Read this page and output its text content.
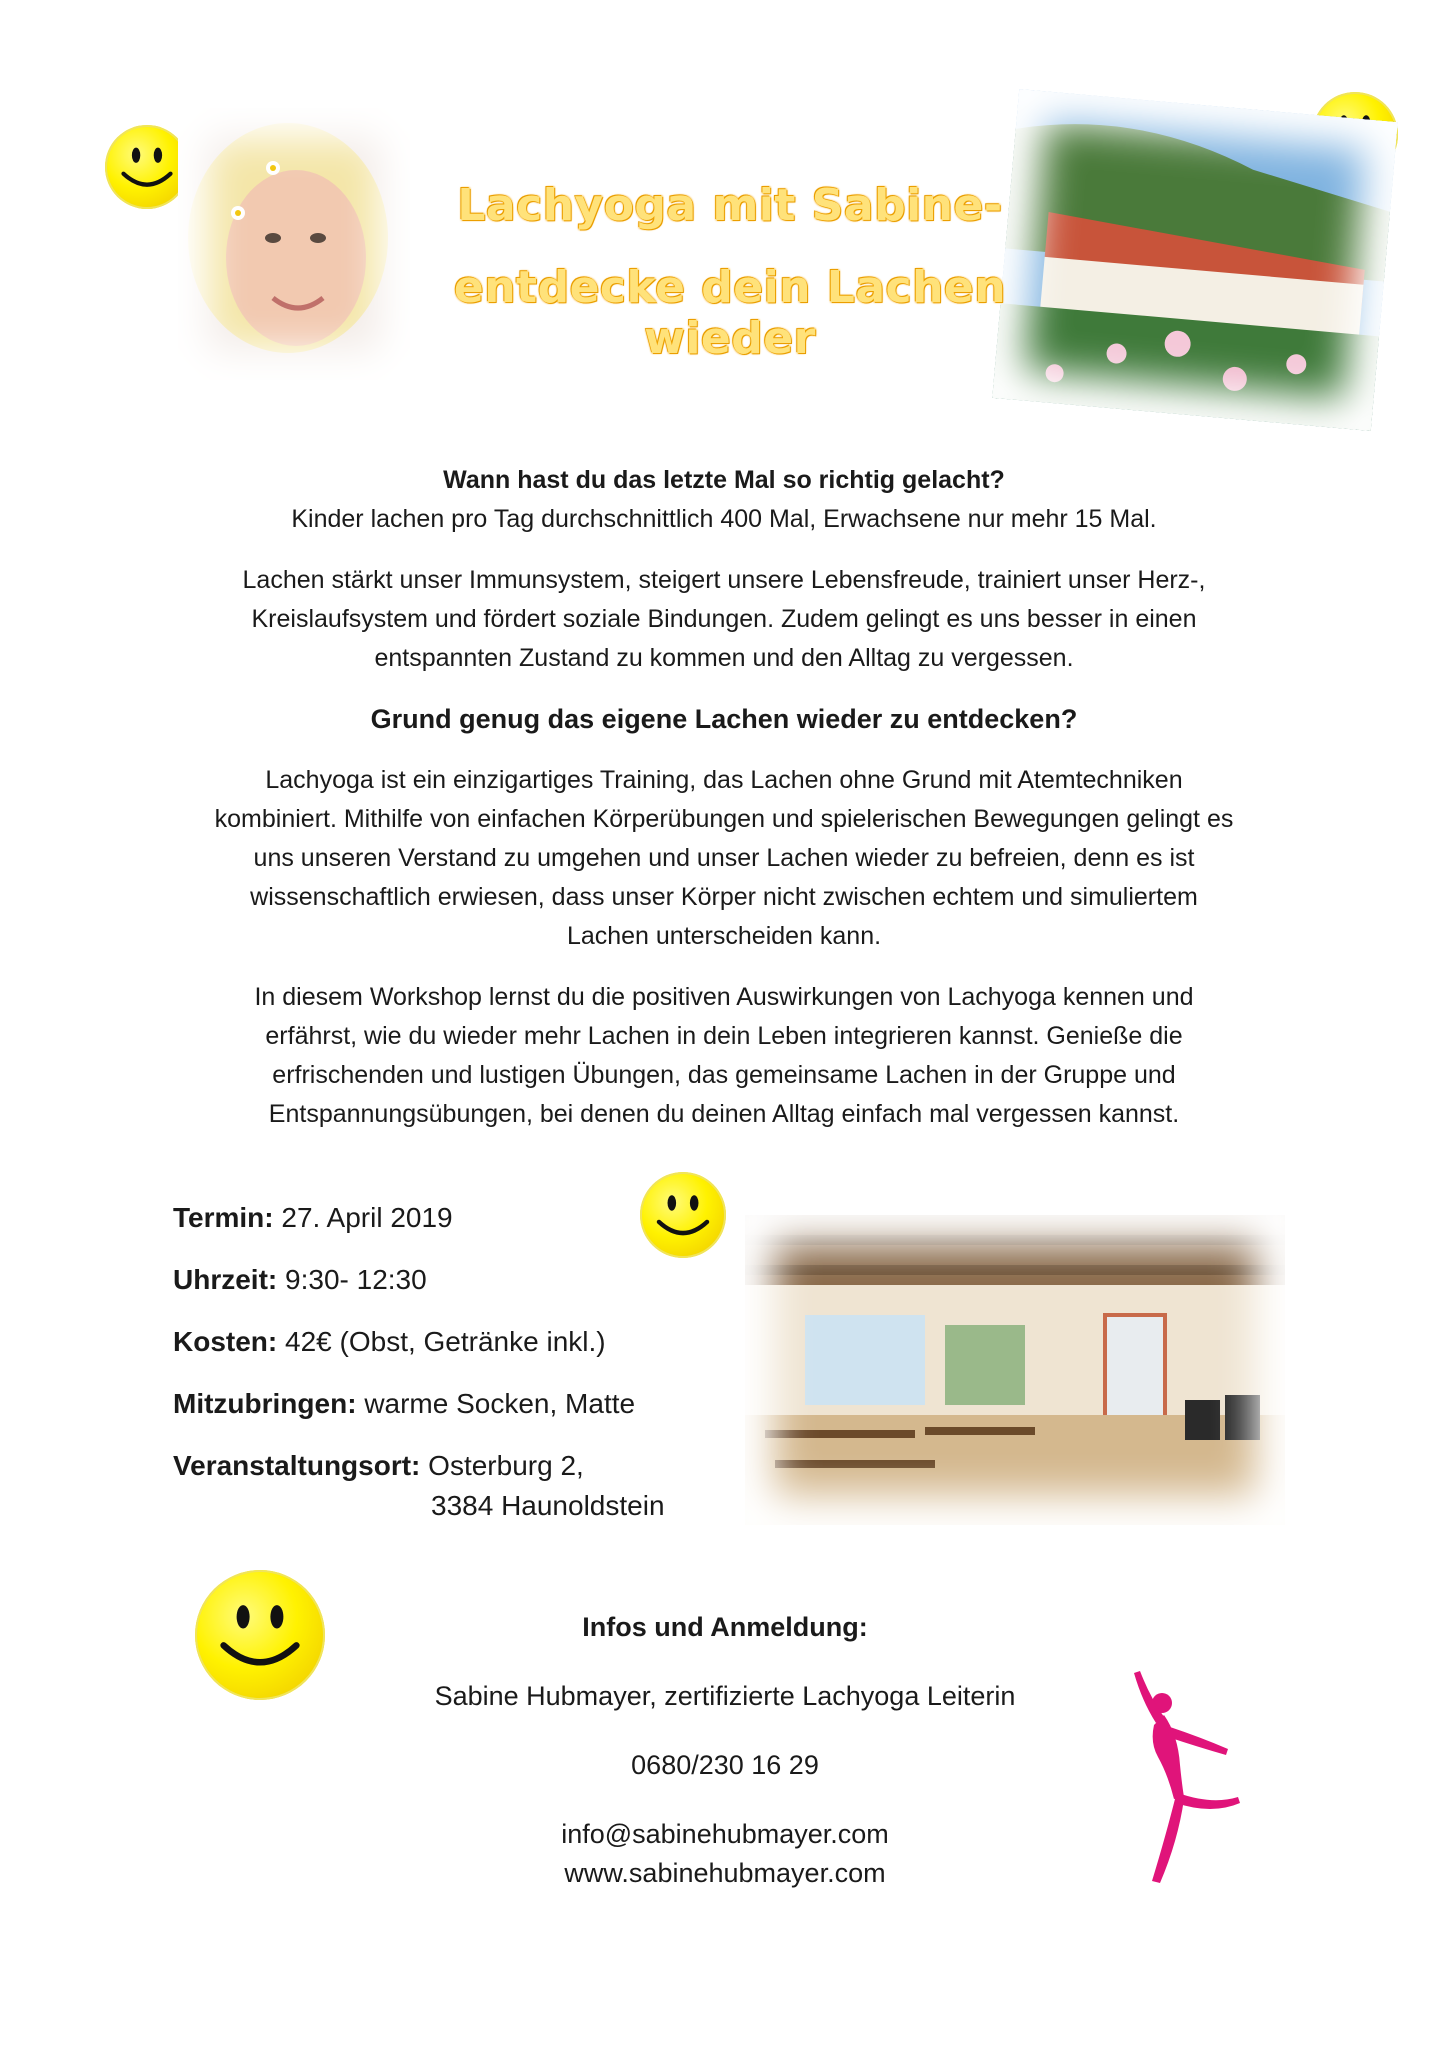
Lachyoga mit Sabine-
entdecke dein Lachen wieder

Wann hast du das letzte Mal so richtig gelacht?

Kinder lachen pro Tag durchschnittlich 400 Mal, Erwachsene nur mehr 15 Mal.

Lachen stärkt unser Immunsystem, steigert unsere Lebensfreude, trainiert unser Herz-,

Kreislaufsystem und fördert soziale Bindungen. Zudem gelingt es uns besser in einen

entspannten Zustand zu kommen und den Alltag zu vergessen.

Grund genug das eigene Lachen wieder zu entdecken?

Lachyoga ist ein einzigartiges Training, das Lachen ohne Grund mit Atemtechniken

kombiniert. Mithilfe von einfachen Körperübungen und spielerischen Bewegungen gelingt es

uns unseren Verstand zu umgehen und unser Lachen wieder zu befreien, denn es ist

wissenschaftlich erwiesen, dass unser Körper nicht zwischen echtem und simuliertem

Lachen unterscheiden kann.

In diesem Workshop lernst du die positiven Auswirkungen von Lachyoga kennen und

erfährst, wie du wieder mehr Lachen in dein Leben integrieren kannst. Genieße die

erfrischenden und lustigen Übungen, das gemeinsame Lachen in der Gruppe und

Entspannungsübungen, bei denen du deinen Alltag einfach mal vergessen kannst.

Termin: 27. April 2019
Uhrzeit: 9:30- 12:30
Kosten: 42€ (Obst, Getränke inkl.)
Mitzubringen: warme Socken, Matte
Veranstaltungsort: Osterburg 2,
3384 Haunoldstein
Infos und Anmeldung:
Sabine Hubmayer, zertifizierte Lachyoga Leiterin
0680/230 16 29
info@sabinehubmayer.com
www.sabinehubmayer.com
